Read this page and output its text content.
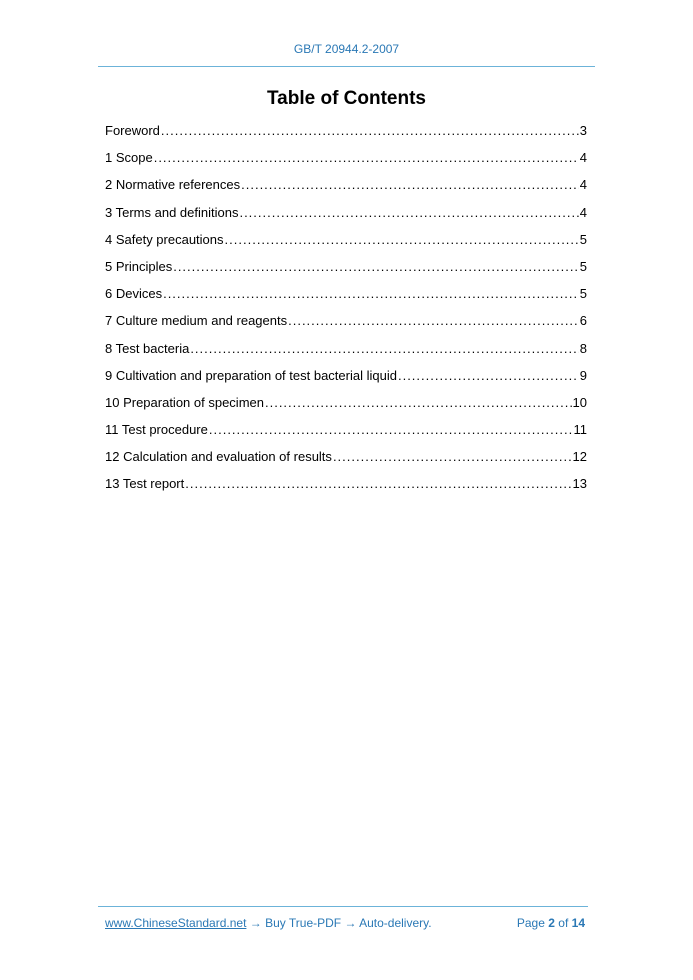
GB/T 20944.2-2007
Table of Contents
Foreword .....	3
1 Scope .....	4
2 Normative references .....	4
3 Terms and definitions .....	4
4 Safety precautions .....	5
5 Principles .....	5
6 Devices .....	5
7 Culture medium and reagents .....	6
8 Test bacteria .....	8
9 Cultivation and preparation of test bacterial liquid .....	9
10 Preparation of specimen .....	10
11 Test procedure .....	11
12 Calculation and evaluation of results .....	12
13 Test report .....	13
www.ChineseStandard.net → Buy True-PDF → Auto-delivery.	Page 2 of 14
